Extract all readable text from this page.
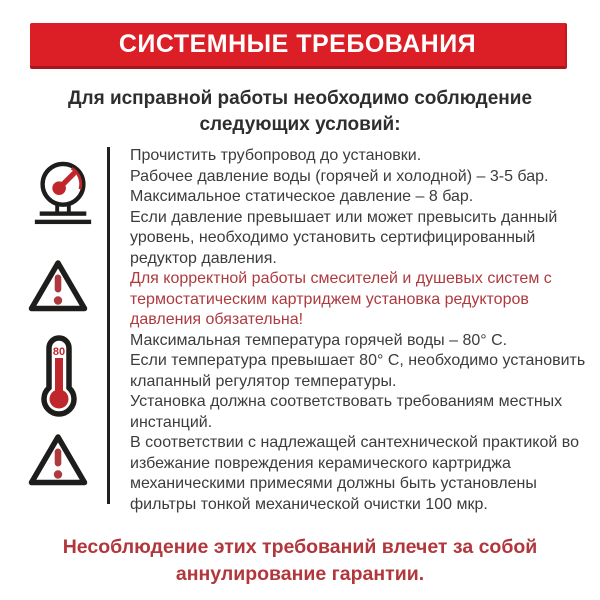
СИСТЕМНЫЕ ТРЕБОВАНИЯ
Для исправной работы необходимо соблюдение
следующих условий:
80
Прочистить трубопровод до установки.
Рабочее давление воды (горячей и холодной) – 3-5 бар.
Максимальное статическое давление – 8 бар.
Если давление превышает или может превысить данный уровень, необходимо установить сертифицированный редуктор давления.
Для корректной работы смесителей и душевых систем с термостатическим картриджем установка редукторов давления обязательна!
Максимальная температура горячей воды – 80° C.
Если температура превышает 80° C, необходимо установить клапанный регулятор температуры.
Установка должна соответствовать требованиям местных инстанций.
В соответствии с надлежащей сантехнической практикой во избежание повреждения керамического картриджа механическими примесями должны быть установлены фильтры тонкой механической очистки 100 мкр.
Несоблюдение этих требований влечет за собой
аннулирование гарантии.
